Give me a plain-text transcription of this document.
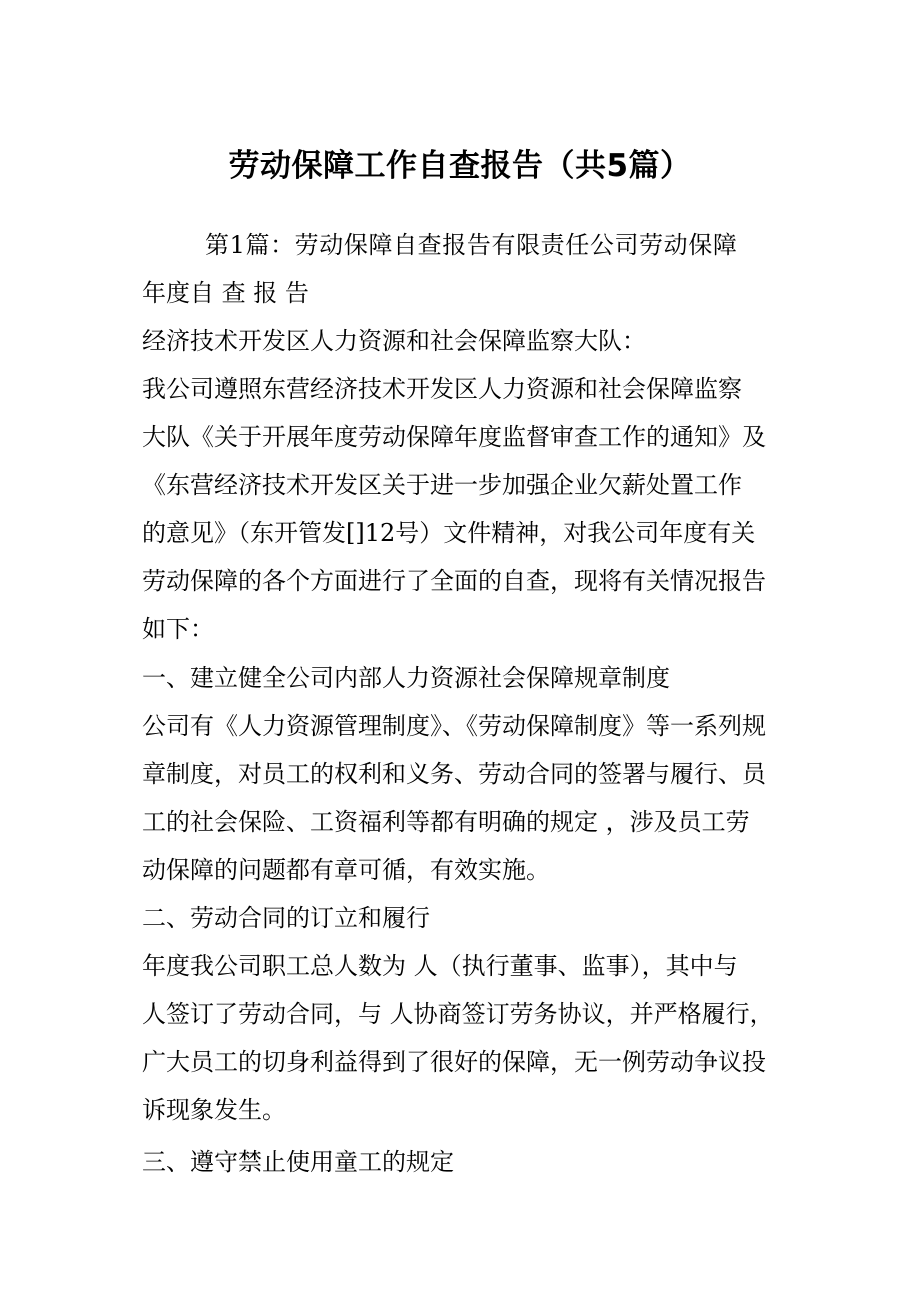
劳动保障工作自查报告（共5篇）
第1篇：劳动保障自查报告有限责任公司劳动保障
年度自 查 报 告
经济技术开发区人力资源和社会保障监察大队：
我公司遵照东营经济技术开发区人力资源和社会保障监察
大队《关于开展年度劳动保障年度监督审查工作的通知》及
《东营经济技术开发区关于进一步加强企业欠薪处置工作
的意见》（东开管发[]12号）文件精神，对我公司年度有关
劳动保障的各个方面进行了全面的自查，现将有关情况报告
如下：
一、建立健全公司内部人力资源社会保障规章制度
公司有《人力资源管理制度》、《劳动保障制度》等一系列规
章制度，对员工的权利和义务、劳动合同的签署与履行、员
工的社会保险、工资福利等都有明确的规定 ，涉及员工劳
动保障的问题都有章可循，有效实施。
二、劳动合同的订立和履行
年度我公司职工总人数为 人（执行董事、监事），其中与
人签订了劳动合同，与 人协商签订劳务协议，并严格履行，
广大员工的切身利益得到了很好的保障，无一例劳动争议投
诉现象发生。
三、遵守禁止使用童工的规定
